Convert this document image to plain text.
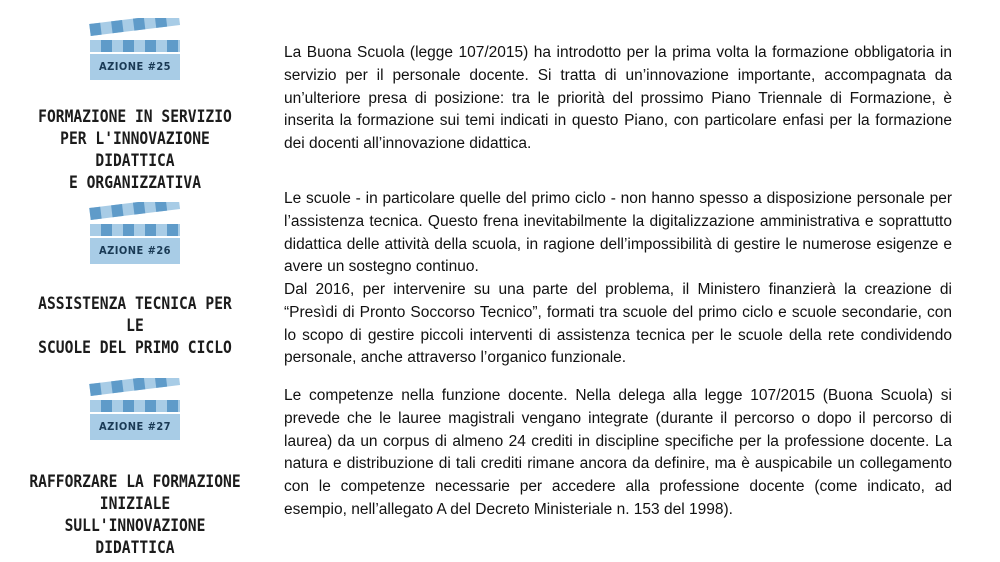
AZIONE #25
FORMAZIONE IN SERVIZIO
PER L'INNOVAZIONE DIDATTICA
E ORGANIZZATIVA

La Buona Scuola (legge 107/2015) ha introdotto per la prima volta la formazione obbligatoria in servizio per il personale docente. Si tratta di un’innovazione importante, accompagnata da un’ulteriore presa di posizione: tra le priorità del prossimo Piano Triennale di Formazione, è inserita la formazione sui temi indicati in questo Piano, con particolare enfasi per la formazione dei docenti all’innovazione didattica.

AZIONE #26
ASSISTENZA TECNICA PER LE
SCUOLE DEL PRIMO CICLO

Le scuole - in particolare quelle del primo ciclo - non hanno spesso a disposizione personale per l’assistenza tecnica. Questo frena inevitabilmente la digitalizzazione amministrativa e soprattutto didattica delle attività della scuola, in ragione dell’impossibilità di gestire le numerose esigenze e avere un sostegno continuo.

Dal 2016, per intervenire su una parte del problema, il Ministero finanzierà la creazione di “Presìdi di Pronto Soccorso Tecnico”, formati tra scuole del primo ciclo e scuole secondarie, con lo scopo di gestire piccoli interventi di assistenza tecnica per le scuole della rete condividendo personale, anche attraverso l’organico funzionale.

AZIONE #27
RAFFORZARE LA FORMAZIONE
INIZIALE SULL'INNOVAZIONE
DIDATTICA

Le competenze nella funzione docente. Nella delega alla legge 107/2015 (Buona Scuola) si prevede che le lauree magistrali vengano integrate (durante il percorso o dopo il percorso di laurea) da un corpus di almeno 24 crediti in discipline specifiche per la professione docente. La natura e distribuzione di tali crediti rimane ancora da definire, ma è auspicabile un collegamento con le competenze necessarie per accedere alla professione docente (come indicato, ad esempio, nell’allegato A del Decreto Ministeriale n. 153 del 1998).
